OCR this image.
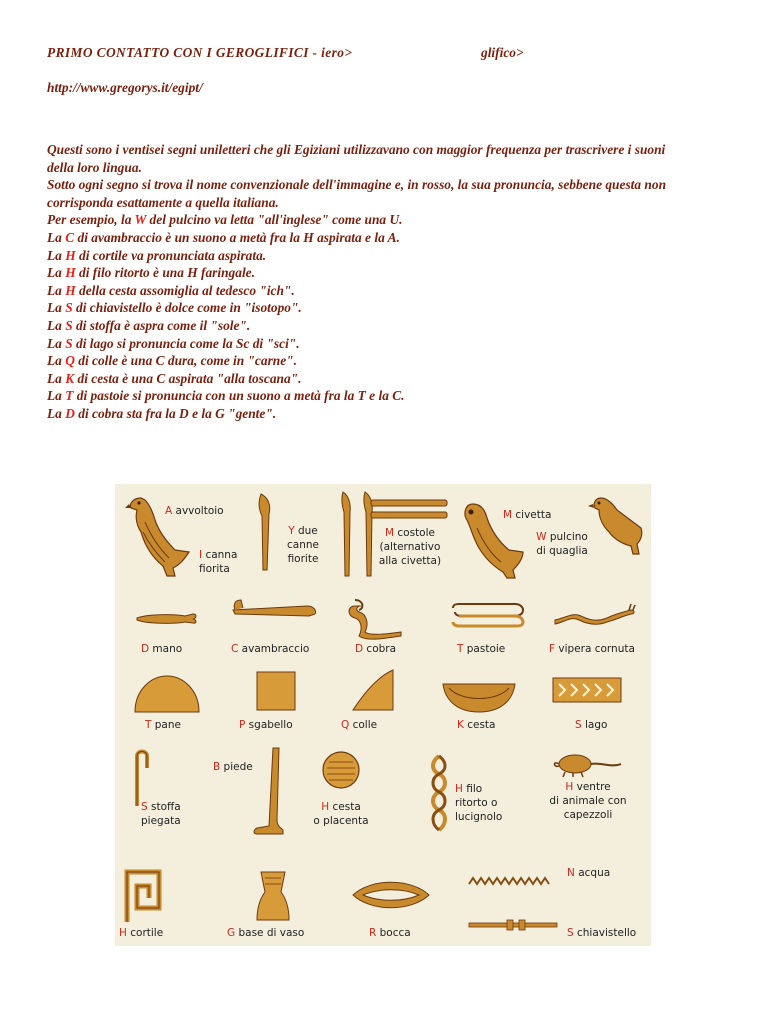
PRIMO CONTATTO CON I GEROGLIFICI - iero>	glifico>
http://www.gregorys.it/egipt/
Questi sono i ventisei segni uniletteri che gli Egiziani utilizzavano con maggior frequenza per trascrivere i suoni
della loro lingua.
Sotto ogni segno si trova il nome convenzionale dell'immagine e, in rosso, la sua pronuncia, sebbene questa non
corrisponda esattamente a quella italiana.
Per esempio, la W del pulcino va letta "all'inglese" come una U.
La C di avambraccio è un suono a metà fra la H aspirata e la A.
La H di cortile va pronunciata aspirata.
La H di filo ritorto è una H faringale.
La H della cesta assomiglia al tedesco "ich".
La S di chiavistello è dolce come in "isotopo".
La S di stoffa è aspra come il "sole".
La S di lago si pronuncia come la Sc di "sci".
La Q di colle è una C dura, come in "carne".
La K di cesta è una C aspirata "alla toscana".
La T di pastoie si pronuncia con un suono a metà fra la T e la C.
La D di cobra sta fra la D e la G "gente".
A avvoltoio
I canna
fiorita
Y due
canne
fiorite
M costole
(alternativo
alla civetta)
M civetta
W pulcino
di quaglia
D mano	C avambraccio	D cobra	T pastoie	F vipera cornuta
T pane	P sgabello	Q colle	K cesta	S lago
S stoffa
piegata
B piede
H cesta
o placenta
H filo
ritorto o
lucignolo
H ventre
di animale con
capezzoli
N acqua
H cortile	G base di vaso	R bocca	S chiavistello
